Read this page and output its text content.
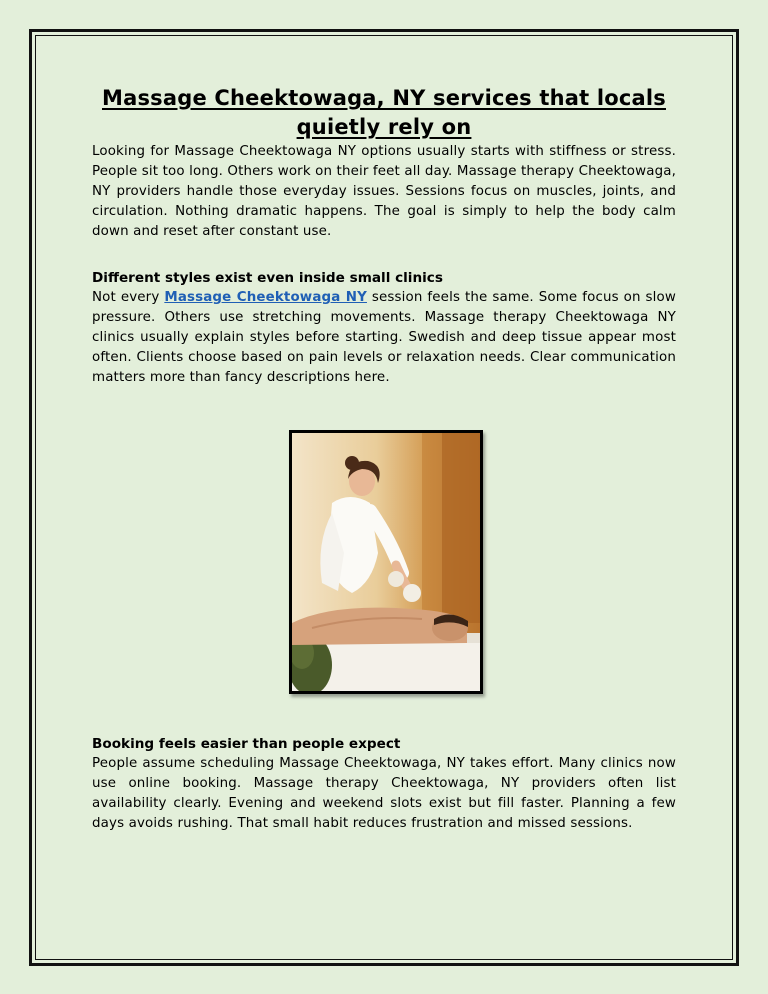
Massage Cheektowaga, NY services that locals quietly rely on

Looking for Massage Cheektowaga NY options usually starts with stiffness or stress. People sit too long. Others work on their feet all day. Massage therapy Cheektowaga, NY providers handle those everyday issues. Sessions focus on muscles, joints, and circulation. Nothing dramatic happens. The goal is simply to help the body calm down and reset after constant use.

Different styles exist even inside small clinics

Not every Massage Cheektowaga NY session feels the same. Some focus on slow pressure. Others use stretching movements. Massage therapy Cheektowaga NY clinics usually explain styles before starting. Swedish and deep tissue appear most often. Clients choose based on pain levels or relaxation needs. Clear communication matters more than fancy descriptions here.

Booking feels easier than people expect

People assume scheduling Massage Cheektowaga, NY takes effort. Many clinics now use online booking. Massage therapy Cheektowaga, NY providers often list availability clearly. Evening and weekend slots exist but fill faster. Planning a few days avoids rushing. That small habit reduces frustration and missed sessions.
